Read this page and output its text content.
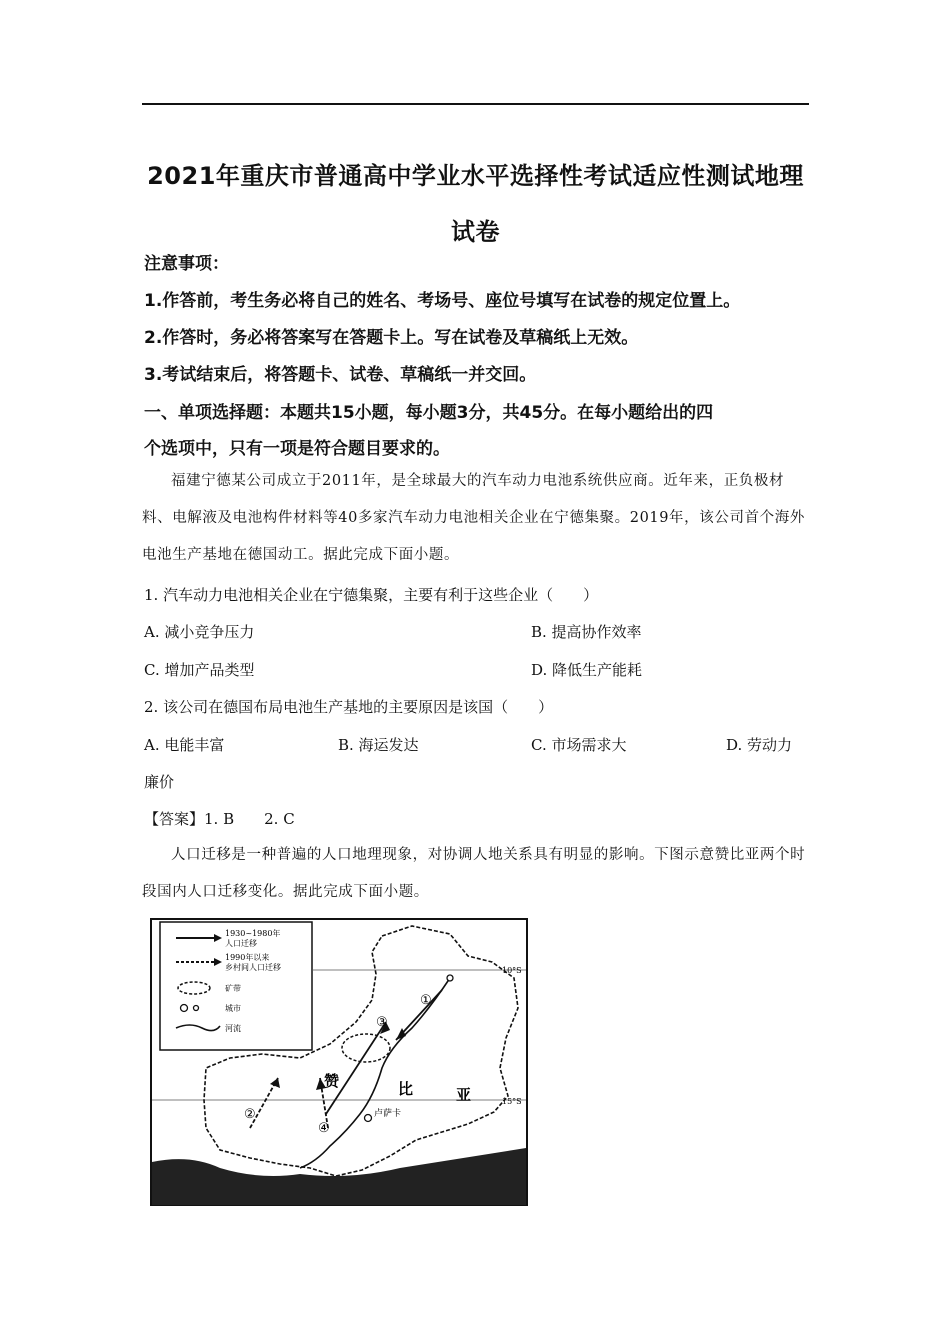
2021年重庆市普通高中学业水平选择性考试适应性测试地理试卷
注意事项：
1.作答前，考生务必将自己的姓名、考场号、座位号填写在试卷的规定位置上。
2.作答时，务必将答案写在答题卡上。写在试卷及草稿纸上无效。
3.考试结束后，将答题卡、试卷、草稿纸一并交回。
一、单项选择题：本题共15小题，每小题3分，共45分。在每小题给出的四
个选项中，只有一项是符合题目要求的。
福建宁德某公司成立于2011年，是全球最大的汽车动力电池系统供应商。近年来，正负极材料、电解液及电池构件材料等40多家汽车动力电池相关企业在宁德集聚。2019年，该公司首个海外电池生产基地在德国动工。据此完成下面小题。
1. 汽车动力电池相关企业在宁德集聚，主要有利于这些企业（　　）
A. 减小竞争压力	B. 提高协作效率
C. 增加产品类型	D. 降低生产能耗
2. 该公司在德国布局电池生产基地的主要原因是该国（　　）
A. 电能丰富	B. 海运发达	C. 市场需求大	D. 劳动力
廉价
【答案】1. B　　2. C
人口迁移是一种普遍的人口地理现象，对协调人地关系具有明显的影响。下图示意赞比亚两个时段国内人口迁移变化。据此完成下面小题。
1930~1980年
人口迁移
1990年以来
乡村间人口迁移
矿带
城市
河流
10°S
15°S
①
③
②
④
赞	比	亚
卢萨卡
